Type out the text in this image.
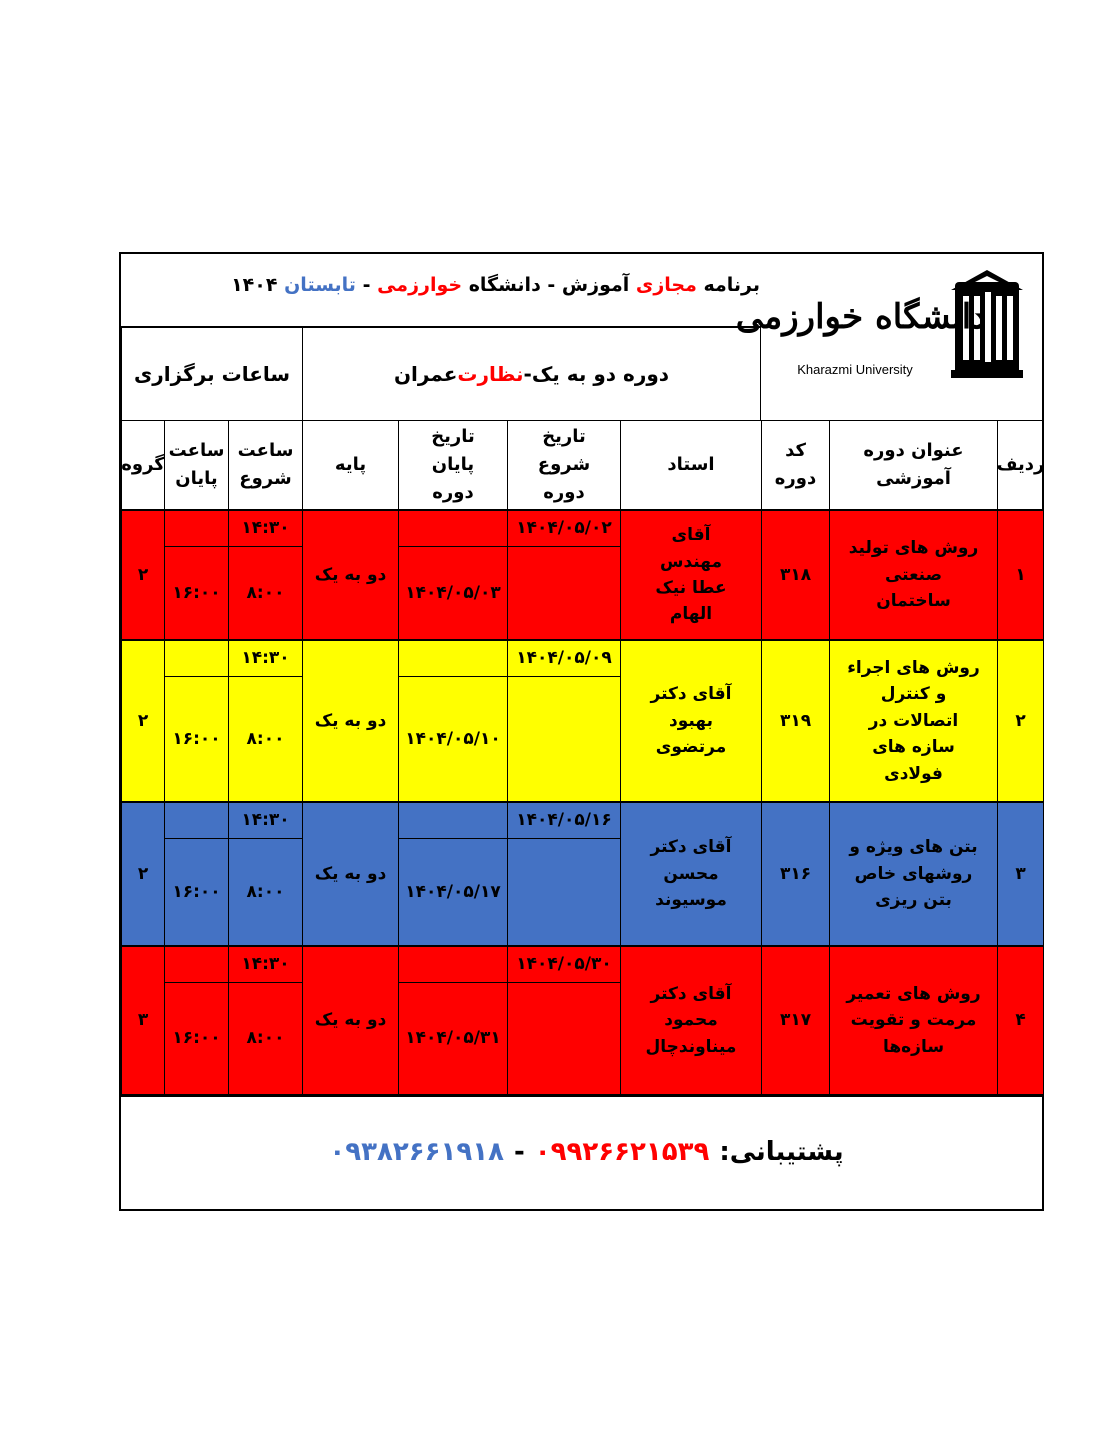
برنامه مجازی آموزش - دانشگاه خوارزمی - تابستان ۱۴۰۴
دانشگاه خوارزمی
Kharazmi University
ساعات برگزاری	دوره دو به یک-
نظارت
عمران
ردیف
عنوان دوره آموزشی
کد دوره
استاد
تاریخ شروع دوره
تاریخ پایان دوره
پایه
ساعت شروع
ساعت پایان
گروه
۱
روش های تولید صنعتی ساختمان
۳۱۸
آقای مهندس عطا نیک الهام
۱۴۰۴/۰۵/۰۲
۱۴۰۴/۰۵/۰۳
دو به یک
۱۴:۳۰
۸:۰۰
۱۶:۰۰
۲
۲
روش های اجراء و کنترل اتصالات در سازه های فولادی
۳۱۹
آقای دکتر بهبود مرتضوی
۱۴۰۴/۰۵/۰۹
۱۴۰۴/۰۵/۱۰
دو به یک
۱۴:۳۰
۸:۰۰
۱۶:۰۰
۲
۳
بتن های ویژه و روشهای خاص بتن ریزی
۳۱۶
آقای دکتر محسن موسیوند
۱۴۰۴/۰۵/۱۶
۱۴۰۴/۰۵/۱۷
دو به یک
۱۴:۳۰
۸:۰۰
۱۶:۰۰
۲
۴
روش های تعمیر مرمت و تقویت سازه‌ها
۳۱۷
آقای دکتر محمود میناوندچال
۱۴۰۴/۰۵/۳۰
۱۴۰۴/۰۵/۳۱
دو به یک
۱۴:۳۰
۸:۰۰
۱۶:۰۰
۳
پشتیبانی:
۰۹۹۲۶۶۲۱۵۳۹
-
۰۹۳۸۲۶۶۱۹۱۸
